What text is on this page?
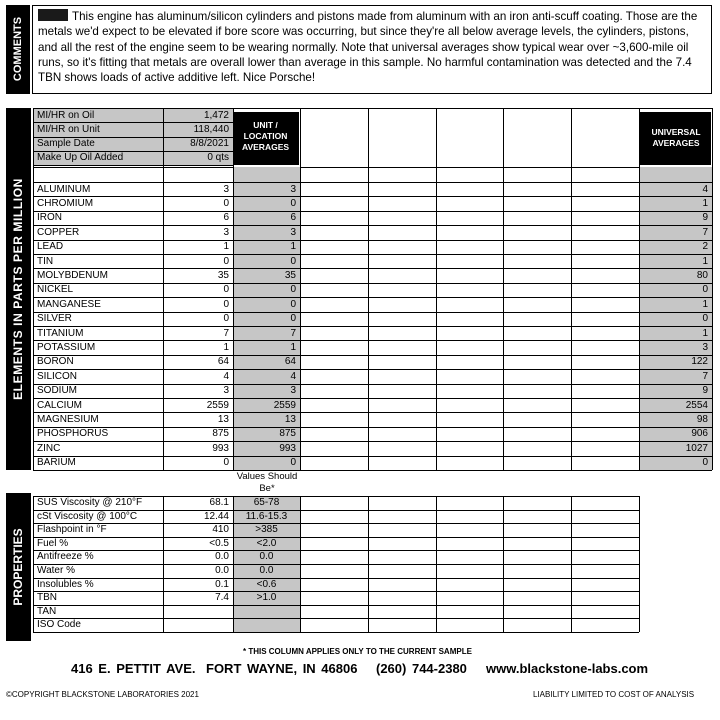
COMMENTS
This engine has aluminum/silicon cylinders and pistons made from aluminum with an iron anti-scuff coating. Those are the metals we'd expect to be elevated if bore score was occurring, but since they're all below average levels, the cylinders, pistons, and all the rest of the engine seem to be wearing normally. Note that universal averages show typical wear over ~3,600-mile oil runs, so it's fitting that metals are overall lower than average in this sample. No harmful contamination was detected and the 7.4 TBN shows loads of active additive left. Nice Porsche!
ELEMENTS IN PARTS PER MILLION
PROPERTIES
UNIT / LOCATION AVERAGES
UNIVERSAL AVERAGES
MI/HR on Oil	1,472
MI/HR on Unit	118,440
Sample Date	8/8/2021
Make Up Oil Added	0 qts
ALUMINUM	3	3	4
CHROMIUM	0	0	1
IRON	6	6	9
COPPER	3	3	7
LEAD	1	1	2
TIN	0	0	1
MOLYBDENUM	35	35	80
NICKEL	0	0	0
MANGANESE	0	0	1
SILVER	0	0	0
TITANIUM	7	7	1
POTASSIUM	1	1	3
BORON	64	64	122
SILICON	4	4	7
SODIUM	3	3	9
CALCIUM	2559	2559	2554
MAGNESIUM	13	13	98
PHOSPHORUS	875	875	906
ZINC	993	993	1027
BARIUM	0	0	0
Values Should Be*
SUS Viscosity @ 210°F	68.1	65-78
cSt Viscosity @ 100°C	12.44	11.6-15.3
Flashpoint in °F	410	>385
Fuel %	<0.5	<2.0
Antifreeze %	0.0	0.0
Water %	0.0	0.0
Insolubles %	0.1	<0.6
TBN	7.4	>1.0
TAN
ISO Code
* THIS COLUMN APPLIES ONLY TO THE CURRENT SAMPLE
416 E. PETTIT AVE. FORT WAYNE, IN 46806 (260) 744-2380 www.blackstone-labs.com
©COPYRIGHT BLACKSTONE LABORATORIES 2021	LIABILITY LIMITED TO COST OF ANALYSIS
